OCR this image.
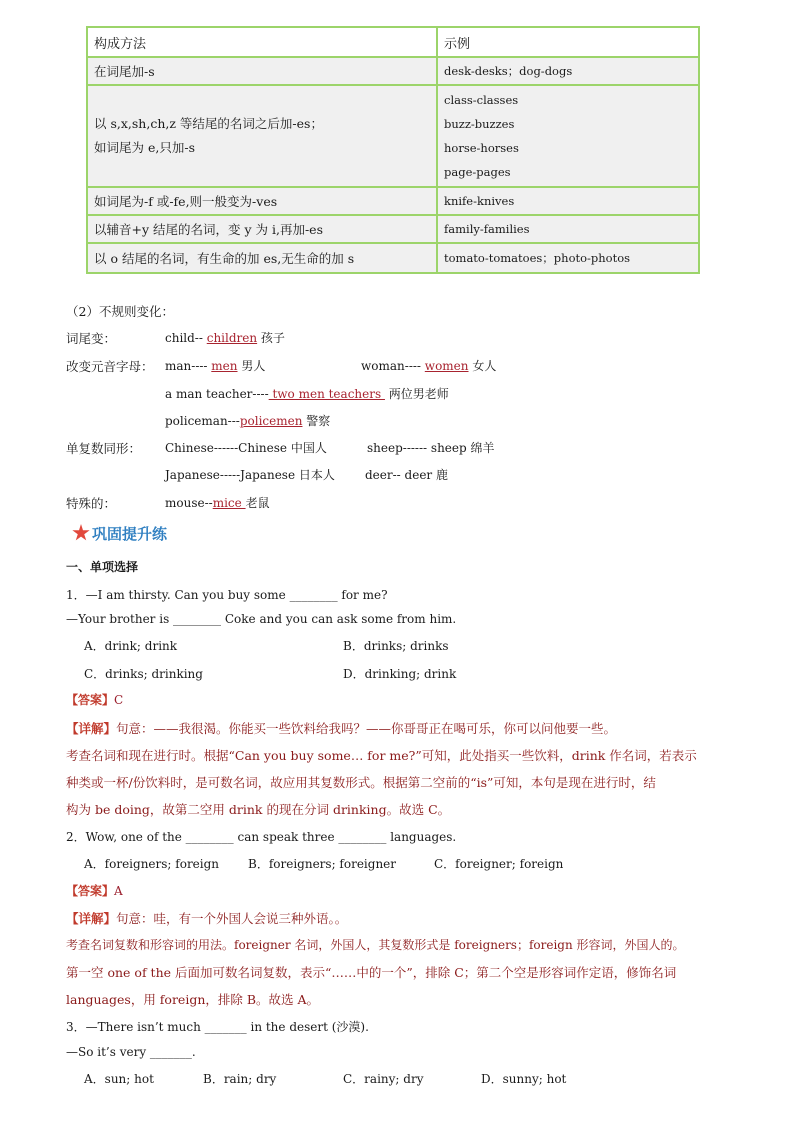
构成方法	示例
在词尾加-s	desk-desks；dog-dogs

以 s,x,sh,ch,z 等结尾的名词之后加-es；
如词尾为 e,只加-s	class-classes
buzz-buzzes
horse-horses
page-pages

如词尾为-f 或-fe,则一般变为-ves	knife-knives
以辅音+y 结尾的名词，变 y 为 i,再加-es	family-families
以 o 结尾的名词，有生命的加 es,无生命的加 s	tomato-tomatoes；photo-photos
（2）不规则变化：
词尾变：	child-- children 孩子
改变元音字母： man---- men 男人	woman---- women 女人
a man teacher---- two men teachers  两位男老师
policeman---policemen 警察
单复数同形： Chinese------Chinese 中国人	sheep------ sheep 绵羊
Japanese-----Japanese 日本人	deer-- deer 鹿
特殊的：	mouse--mice 老鼠
巩固提升练
一、单项选择
1．—I am thirsty. Can you buy some ________ for me?
—Your brother is ________ Coke and you can ask some from him.
A．drink; drink	B．drinks; drinks
C．drinks; drinking	D．drinking; drink
【答案】C
【详解】句意：——我很渴。你能买一些饮料给我吗？——你哥哥正在喝可乐，你可以问他要一些。
考查名词和现在进行时。根据“Can you buy some… for me?”可知，此处指买一些饮料，drink 作名词，若表示
种类或一杯/份饮料时，是可数名词，故应用其复数形式。根据第二空前的“is”可知，本句是现在进行时，结
构为 be doing，故第二空用 drink 的现在分词 drinking。故选 C。
2．Wow, one of the ________ can speak three ________ languages.
A．foreigners; foreign B．foreigners; foreigner	C．foreigner; foreign
【答案】A
【详解】句意：哇，有一个外国人会说三种外语。。
考查名词复数和形容词的用法。foreigner 名词，外国人，其复数形式是 foreigners；foreign 形容词，外国人的。
第一空 one of the 后面加可数名词复数，表示“……中的一个”，排除 C；第二个空是形容词作定语，修饰名词
languages，用 foreign，排除 B。故选 A。
3．—There isn’t much _______ in the desert (沙漠).
—So it’s very _______.
A．sun; hot	B．rain; dry	C．rainy; dry	D．sunny; hot
